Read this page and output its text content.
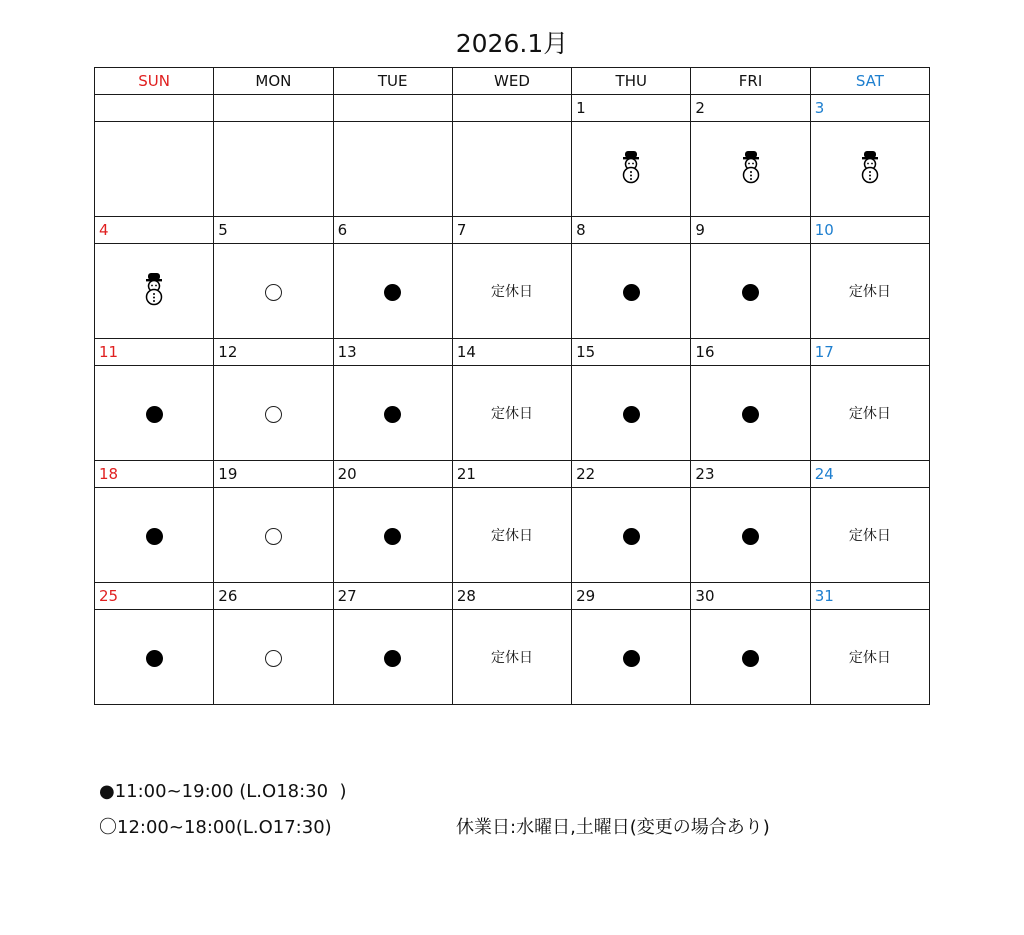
2026.1月
SUN	MON	TUE	WED	THU	FRI	SAT
				1	2	3

4	5	6	7	8	9	10
			定休日			定休日
11	12	13	14	15	16	17
			定休日			定休日
18	19	20	21	22	23	24
			定休日			定休日
25	26	27	28	29	30	31
			定休日			定休日
●11:00~19:00 (L.O18:30  )
〇12:00~18:00(L.O17:30)	休業日:水曜日,土曜日(変更の場合あり)
